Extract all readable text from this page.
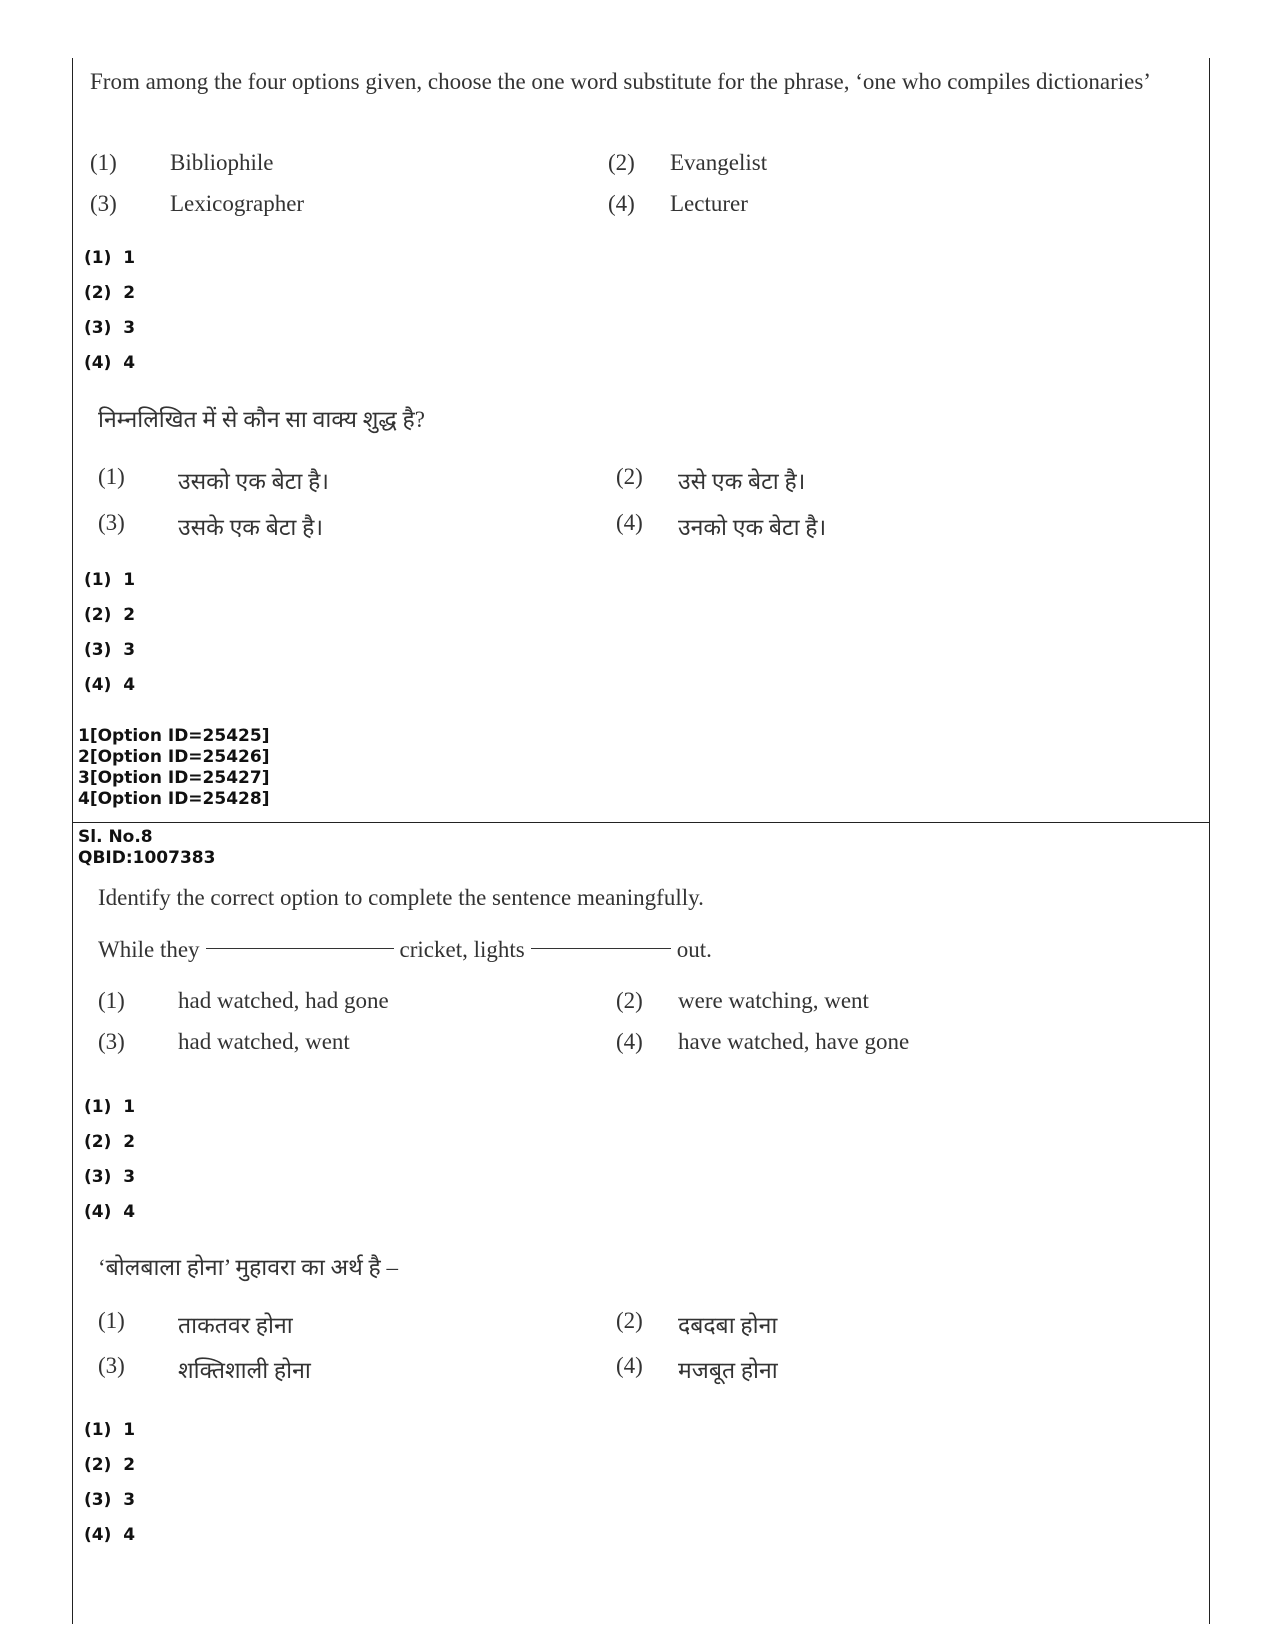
From among the four options given, choose the one word substitute for the phrase, ‘one who compiles dictionaries’
(1) Bibliophile	(2) Evangelist
(3) Lexicographer	(4) Lecturer
(1)  1
(2)  2
(3)  3
(4)  4
निम्नलिखित में से कौन सा वाक्य शुद्ध है?
(1) उसको एक बेटा है।	(2) उसे एक बेटा है।
(3) उसके एक बेटा है।	(4) उनको एक बेटा है।
(1)  1
(2)  2
(3)  3
(4)  4
1[Option ID=25425]
2[Option ID=25426]
3[Option ID=25427]
4[Option ID=25428]
Sl. No.8
QBID:1007383
Identify the correct option to complete the sentence meaningfully.
While they	cricket, lights	out.
(1) had watched, had gone	(2) were watching, went
(3) had watched, went	(4) have watched, have gone
(1)  1
(2)  2
(3)  3
(4)  4
‘बोलबाला होना’ मुहावरा का अर्थ है –
(1) ताकतवर होना	(2) दबदबा होना
(3) शक्तिशाली होना	(4) मजबूत होना
(1)  1
(2)  2
(3)  3
(4)  4
